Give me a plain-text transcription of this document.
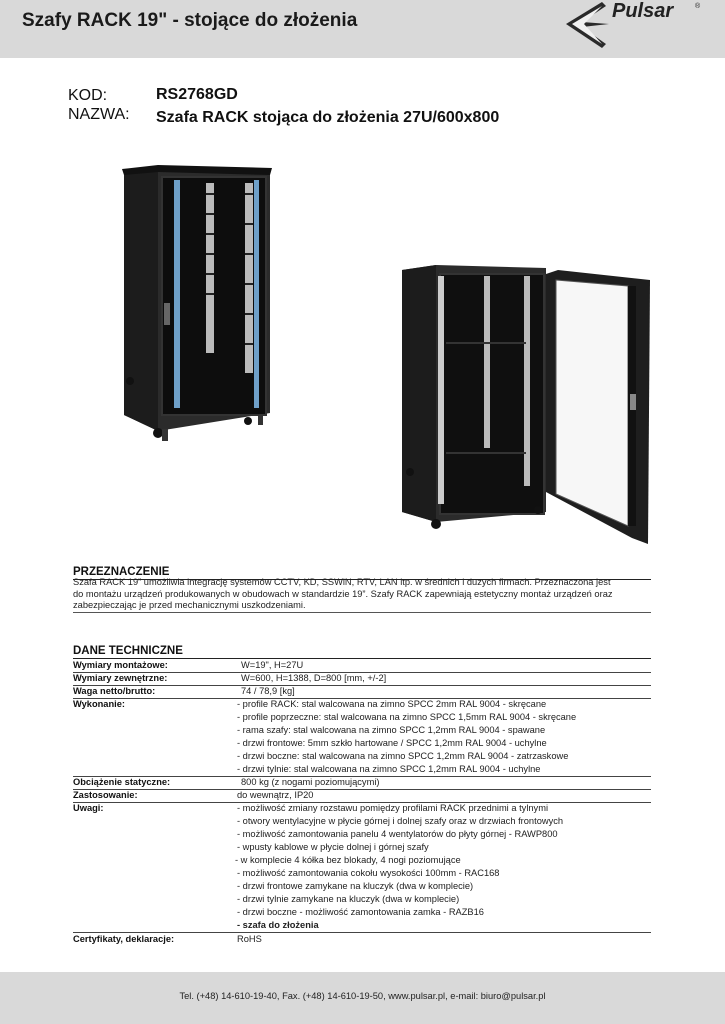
Szafy RACK 19" - stojące do złożenia	Pulsar	®
KOD:	RS2768GD
NAZWA: Szafa RACK stojąca do złożenia 27U/600x800
PRZEZNACZENIE

Szafa RACK 19” umożliwia integrację systemów CCTV, KD, SSWiN, RTV, LAN itp. w średnich i duzych firmach. Przeznaczona jest

do montażu urządzeń produkowanych w obudowach w standardzie 19”. Szafy RACK zapewniają estetyczny montaż urządzeń oraz

zabezpieczając je przed mechanicznymi uszkodzeniami.

DANE TECHNICZNE
Wymiary montażowe:	W=19", H=27U
Wymiary zewnętrzne:	W=600, H=1388, D=800 [mm, +/-2]
Waga netto/brutto:	74 / 78,9 [kg]
Wykonanie:	- profile RACK: stal walcowana na zimno SPCC 2mm RAL 9004 - skręcane
- profile poprzeczne: stal walcowana na zimno SPCC 1,5mm RAL 9004 - skręcane
- rama szafy: stal walcowana na zimno SPCC 1,2mm RAL 9004 - spawane
- drzwi frontowe: 5mm szkło hartowane / SPCC 1,2mm RAL 9004 - uchylne
- drzwi boczne: stal walcowana na zimno SPCC 1,2mm RAL 9004 - zatrzaskowe
- drzwi tylnie: stal walcowana na zimno SPCC 1,2mm RAL 9004 - uchylne
Obciążenie statyczne:	800 kg (z nogami poziomującymi)
Zastosowanie:	do wewnątrz, IP20
Uwagi:	- możliwość zmiany rozstawu pomiędzy profilami RACK przednimi a tylnymi
- otwory wentylacyjne w płycie górnej i dolnej szafy oraz w drzwiach frontowych
- możliwość zamontowania panelu 4 wentylatorów do płyty górnej - RAWP800
- wpusty kablowe w płycie dolnej i górnej szafy
- w komplecie 4 kółka bez blokady, 4 nogi poziomujące
- możliwość zamontowania cokołu wysokości 100mm - RAC168
- drzwi frontowe zamykane na kluczyk (dwa w komplecie)
- drzwi tylnie zamykane na kluczyk (dwa w komplecie)
- drzwi boczne - możliwość zamontowania zamka - RAZB16
- szafa do złożenia
Certyfikaty, deklaracje:	RoHS
Tel. (+48) 14-610-19-40, Fax. (+48) 14-610-19-50, www.pulsar.pl, e-mail: biuro@pulsar.pl
